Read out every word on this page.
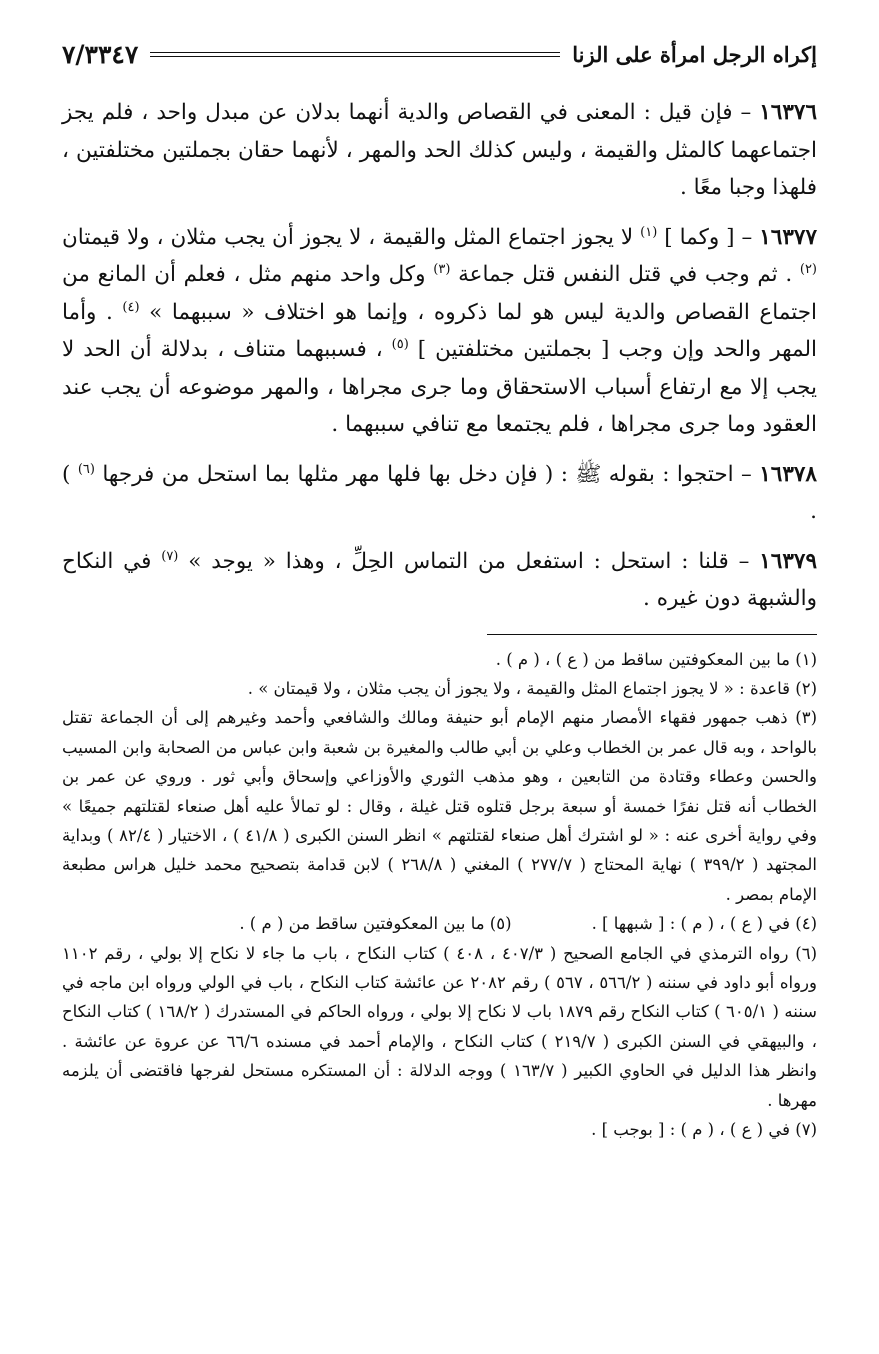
إكراه الرجل امرأة على الزنا
٧/٣٣٤٧

١٦٣٧٦ – فإن قيل : المعنى في القصاص والدية أنهما بدلان عن مبدل واحد ، فلم يجز اجتماعهما كالمثل والقيمة ، وليس كذلك الحد والمهر ، لأنهما حقان بجملتين مختلفتين ، فلهذا وجبا معًا .

١٦٣٧٧ – [ وكما ] $^{(١)}$ لا يجوز اجتماع المثل والقيمة ، لا يجوز أن يجب مثلان ، ولا قيمتان $^{(٢)}$ . ثم وجب في قتل النفس قتل جماعة $^{(٣)}$ وكل واحد منهم مثل ، فعلم أن المانع من اجتماع القصاص والدية ليس هو لما ذكروه ، وإنما هو اختلاف « سببهما » $^{(٤)}$ . وأما المهر والحد وإن وجب [ بجملتين مختلفتين ] $^{(٥)}$ ، فسببهما متناف ، بدلالة أن الحد لا يجب إلا مع ارتفاع أسباب الاستحقاق وما جرى مجراها ، والمهر موضوعه أن يجب عند العقود وما جرى مجراها ، فلم يجتمعا مع تنافي سببهما .

١٦٣٧٨ – احتجوا : بقوله ﷺ : ( فإن دخل بها فلها مهر مثلها بما استحل من فرجها $^{(٦)}$ ) .

١٦٣٧٩ – قلنا : استحل : استفعل من التماس الحِلِّ ، وهذا « يوجد » $^{(٧)}$ في النكاح والشبهة دون غيره .

(١) ما بين المعكوفتين ساقط من ( ع ) ، ( م ) .

(٢) قاعدة : « لا يجوز اجتماع المثل والقيمة ، ولا يجوز أن يجب مثلان ، ولا قيمتان » .

(٣) ذهب جمهور فقهاء الأمصار منهم الإمام أبو حنيفة ومالك والشافعي وأحمد وغيرهم إلى أن الجماعة تقتل بالواحد ، وبه قال عمر بن الخطاب وعلي بن أبي طالب والمغيرة بن شعبة وابن عباس من الصحابة وابن المسيب والحسن وعطاء وقتادة من التابعين ، وهو مذهب الثوري والأوزاعي وإسحاق وأبي ثور . وروي عن عمر بن الخطاب أنه قتل نفرًا خمسة أو سبعة برجل قتلوه قتل غيلة ، وقال : لو تمالأ عليه أهل صنعاء لقتلتهم جميعًا » وفي رواية أخرى عنه : « لو اشترك أهل صنعاء لقتلتهم » انظر السنن الكبرى ( ٤١/٨ ) ، الاختيار ( ٨٢/٤ ) وبداية المجتهد ( ٣٩٩/٢ ) نهاية المحتاج ( ٢٧٧/٧ ) المغني ( ٢٦٨/٨ ) لابن قدامة بتصحيح محمد خليل هراس مطبعة الإمام بمصر .

(٤) في ( ع ) ، ( م ) : [ شبهها ] .
(٥) ما بين المعكوفتين ساقط من ( م ) .

(٦) رواه الترمذي في الجامع الصحيح ( ٤٠٧/٣ ، ٤٠٨ ) كتاب النكاح ، باب ما جاء لا نكاح إلا بولي ، رقم ١١٠٢ ورواه أبو داود في سننه ( ٥٦٦/٢ ، ٥٦٧ ) رقم ٢٠٨٢ عن عائشة كتاب النكاح ، باب في الولي ورواه ابن ماجه في سننه ( ٦٠٥/١ ) كتاب النكاح رقم ١٨٧٩ باب لا نكاح إلا بولي ، ورواه الحاكم في المستدرك ( ١٦٨/٢ ) كتاب النكاح ، والبيهقي في السنن الكبرى ( ٢١٩/٧ ) كتاب النكاح ، والإمام أحمد في مسنده ٦٦/٦ عن عروة عن عائشة . وانظر هذا الدليل في الحاوي الكبير ( ١٦٣/٧ ) ووجه الدلالة : أن المستكره مستحل لفرجها فاقتضى أن يلزمه مهرها .

(٧) في ( ع ) ، ( م ) : [ بوجب ] .
